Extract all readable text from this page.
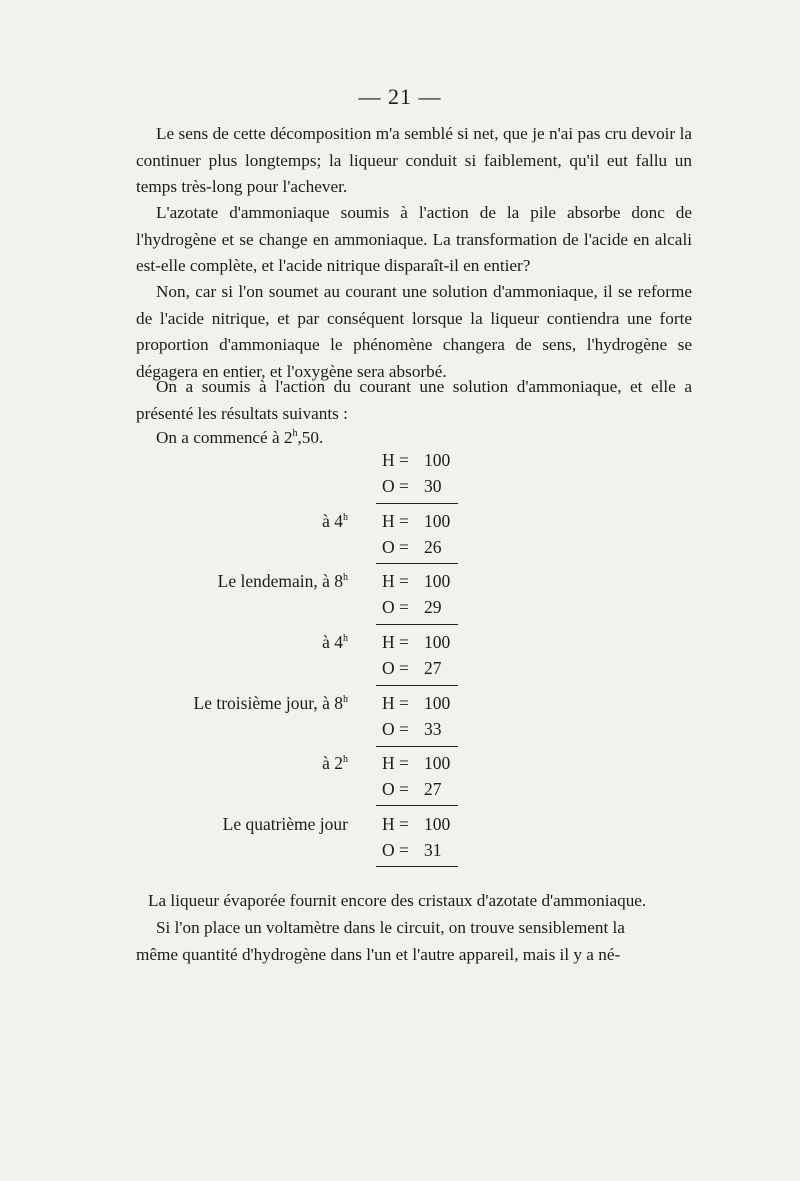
— 21 —
Le sens de cette décomposition m'a semblé si net, que je n'ai pas cru devoir la continuer plus longtemps; la liqueur conduit si faiblement, qu'il eut fallu un temps très-long pour l'achever.
L'azotate d'ammoniaque soumis à l'action de la pile absorbe donc de l'hydrogène et se change en ammoniaque. La transformation de l'acide en alcali est-elle complète, et l'acide nitrique disparaît-il en entier?
Non, car si l'on soumet au courant une solution d'ammoniaque, il se reforme de l'acide nitrique, et par conséquent lorsque la liqueur contiendra une forte proportion d'ammoniaque le phénomène changera de sens, l'hydrogène se dégagera en entier, et l'oxygène sera absorbé.
On a soumis à l'action du courant une solution d'ammoniaque, et elle a présenté les résultats suivants :
On a commencé à 2$^h$,50.
H = 100
O = 30
à 4$^h$ H = 100
O = 26
Le lendemain, à 8$^h$ H = 100
O = 29
à 4$^h$ H = 100
O = 27
Le troisième jour, à 8$^h$ H = 100
O = 33
à 2$^h$ H = 100
O = 27
Le quatrième jour H = 100
O = 31
La liqueur évaporée fournit encore des cristaux d'azotate d'ammoniaque.
Si l'on place un voltamètre dans le circuit, on trouve sensiblement la
même quantité d'hydrogène dans l'un et l'autre appareil, mais il y a né-
